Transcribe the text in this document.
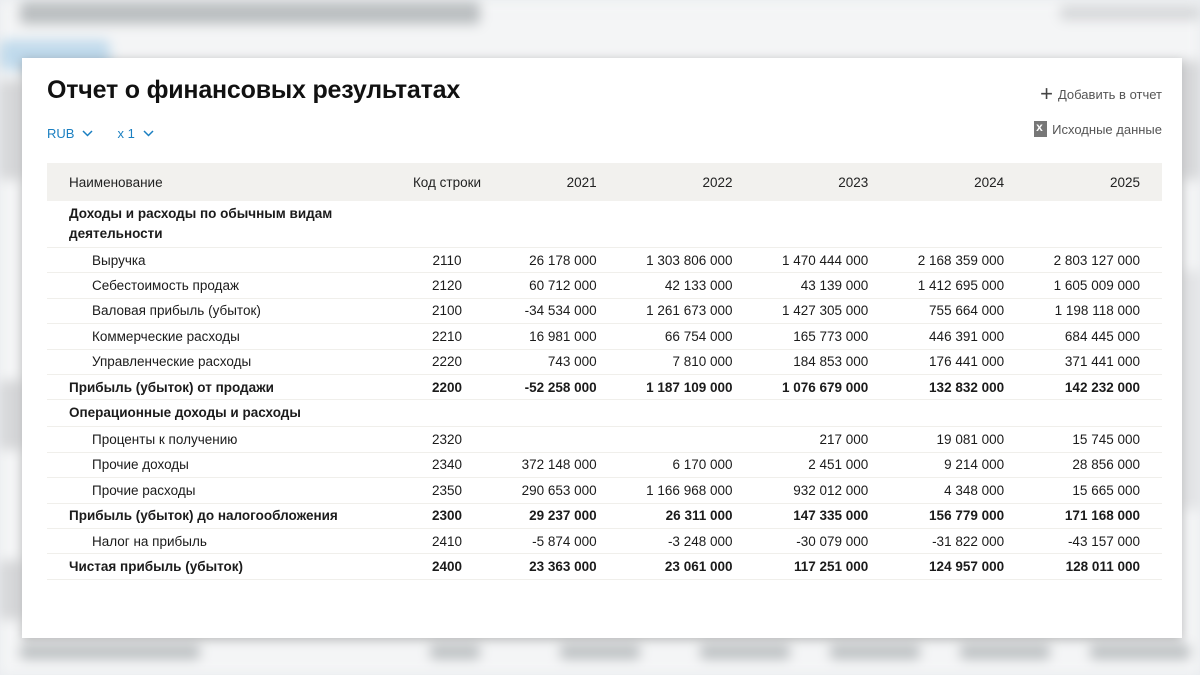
Отчет о финансовых результатах
RUB	x 1
+ Добавить в отчет
x
Исходные данные
Наименование	Код строки	2021	2022	2023	2024	2025
Доходы и расходы по обычным видам деятельности						
Выручка	2110	26 178 000	1 303 806 000	1 470 444 000	2 168 359 000	2 803 127 000
Себестоимость продаж	2120	60 712 000	42 133 000	43 139 000	1 412 695 000	1 605 009 000
Валовая прибыль (убыток)	2100	-34 534 000	1 261 673 000	1 427 305 000	755 664 000	1 198 118 000
Коммерческие расходы	2210	16 981 000	66 754 000	165 773 000	446 391 000	684 445 000
Управленческие расходы	2220	743 000	7 810 000	184 853 000	176 441 000	371 441 000
Прибыль (убыток) от продажи	2200	-52 258 000	1 187 109 000	1 076 679 000	132 832 000	142 232 000
Операционные доходы и расходы						
Проценты к получению	2320			217 000	19 081 000	15 745 000
Прочие доходы	2340	372 148 000	6 170 000	2 451 000	9 214 000	28 856 000
Прочие расходы	2350	290 653 000	1 166 968 000	932 012 000	4 348 000	15 665 000
Прибыль (убыток) до налогообложения	2300	29 237 000	26 311 000	147 335 000	156 779 000	171 168 000
Налог на прибыль	2410	-5 874 000	-3 248 000	-30 079 000	-31 822 000	-43 157 000
Чистая прибыль (убыток)	2400	23 363 000	23 061 000	117 251 000	124 957 000	128 011 000
